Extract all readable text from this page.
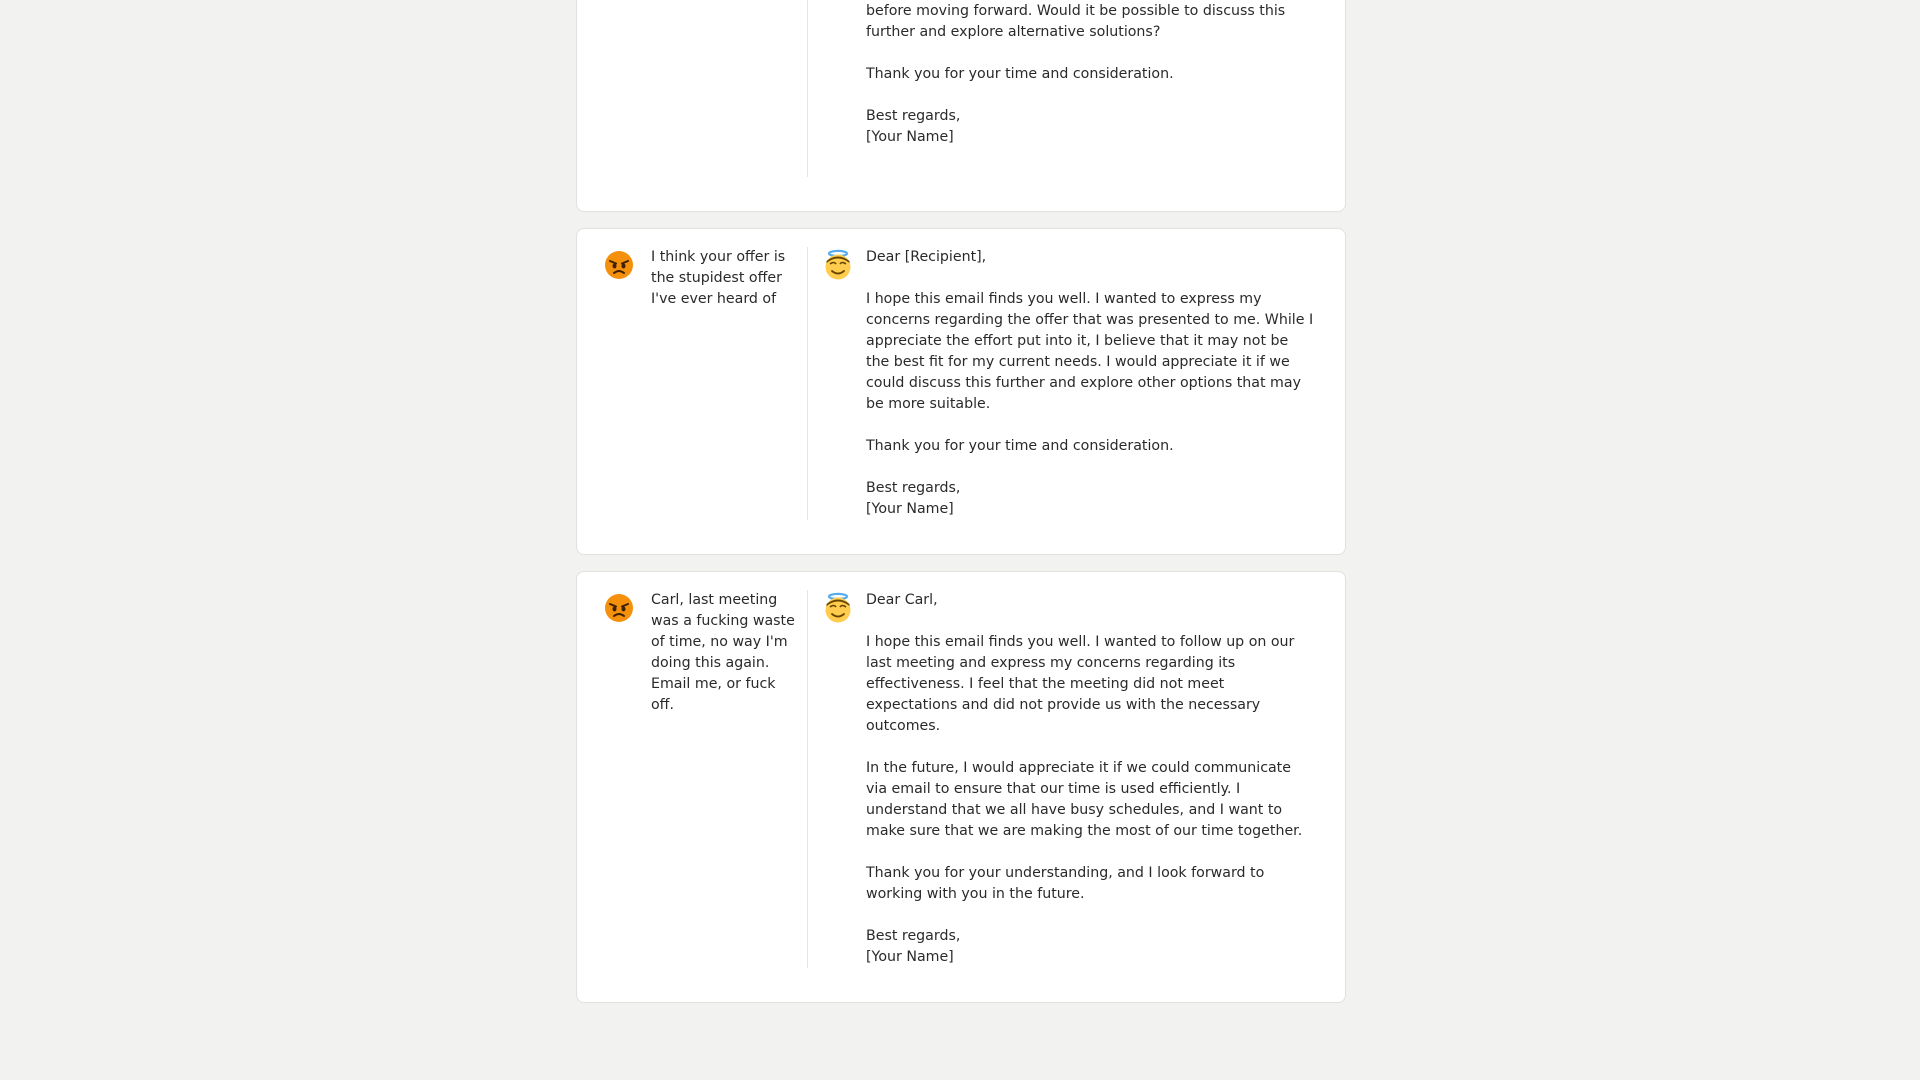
before moving forward. Would it be possible to discuss this further and explore alternative solutions?

Thank you for your time and consideration.

Best regards,
[Your Name]
I think your offer is the stupidest offer I've ever heard of
Dear [Recipient],

I hope this email finds you well. I wanted to express my concerns regarding the offer that was presented to me. While I appreciate the effort put into it, I believe that it may not be the best fit for my current needs. I would appreciate it if we could discuss this further and explore other options that may be more suitable.

Thank you for your time and consideration.

Best regards,
[Your Name]
Carl, last meeting was a fucking waste of time, no way I'm doing this again. Email me, or fuck off.
Dear Carl,

I hope this email finds you well. I wanted to follow up on our last meeting and express my concerns regarding its effectiveness. I feel that the meeting did not meet expectations and did not provide us with the necessary outcomes.

In the future, I would appreciate it if we could communicate via email to ensure that our time is used efficiently. I understand that we all have busy schedules, and I want to make sure that we are making the most of our time together.

Thank you for your understanding, and I look forward to working with you in the future.

Best regards,
[Your Name]
